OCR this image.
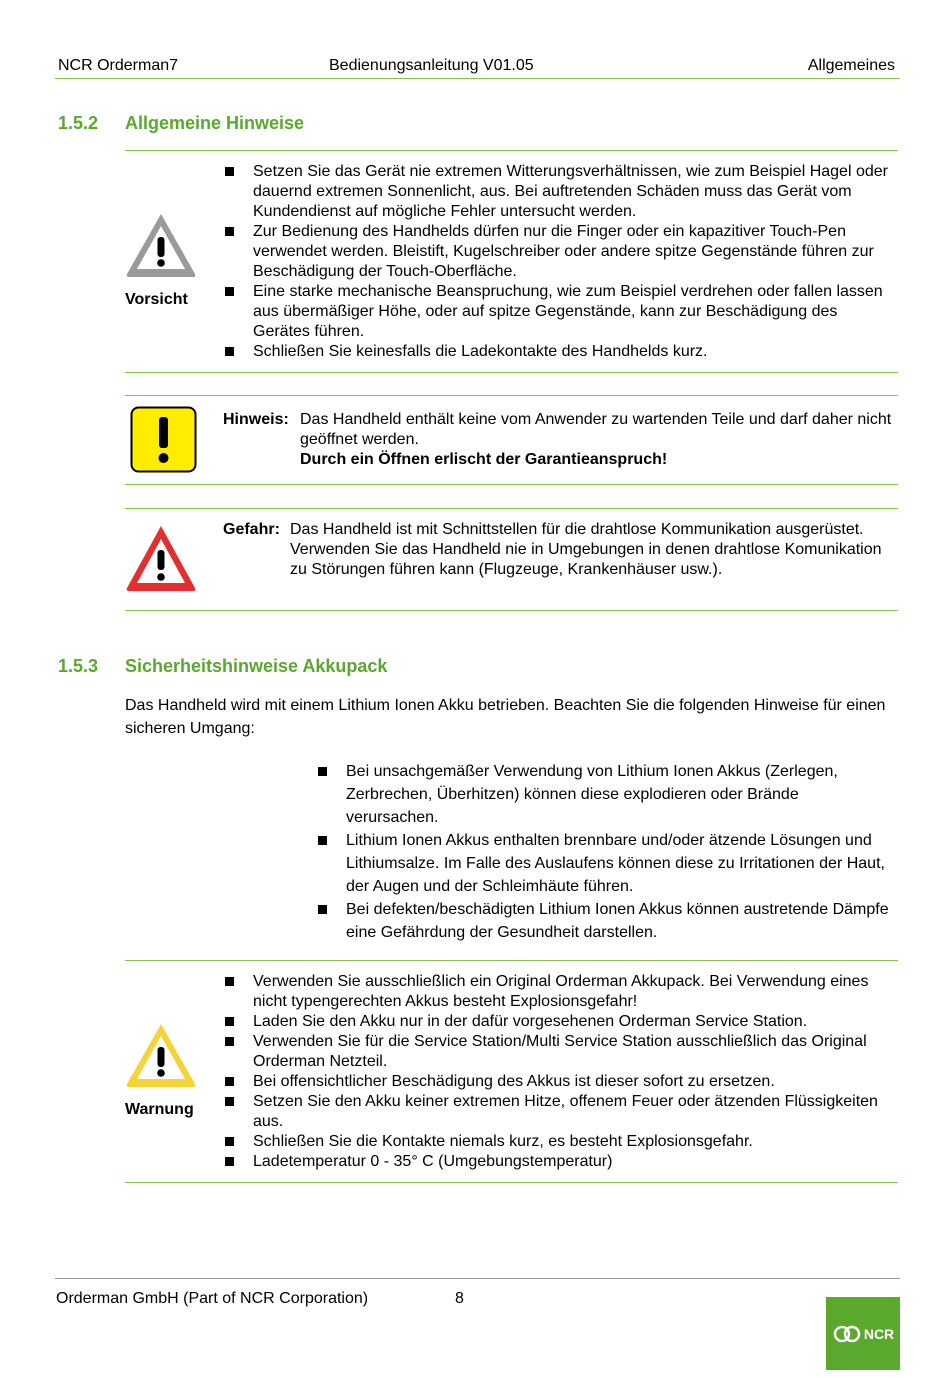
NCR Orderman7	Bedienungsanleitung V01.05	Allgemeines
1.5.2 Allgemeine Hinweise
Vorsicht
Setzen Sie das Gerät nie extremen Witterungsverhältnissen, wie zum Beispiel Hagel oder dauernd extremen Sonnenlicht, aus. Bei auftretenden Schäden muss das Gerät vom Kundendienst auf mögliche Fehler untersucht werden.
Zur Bedienung des Handhelds dürfen nur die Finger oder ein kapazitiver Touch-Pen verwendet werden. Bleistift, Kugelschreiber oder andere spitze Gegenstände führen zur Beschädigung der Touch-Oberfläche.
Eine starke mechanische Beanspruchung, wie zum Beispiel verdrehen oder fallen lassen aus übermäßiger Höhe, oder auf spitze Gegenstände, kann zur Beschädigung des Gerätes führen.
Schließen Sie keinesfalls die Ladekontakte des Handhelds kurz.
Hinweis: Das Handheld enthält keine vom Anwender zu wartenden Teile und darf daher nicht geöffnet werden.
Durch ein Öffnen erlischt der Garantieanspruch!
Gefahr: Das Handheld ist mit Schnittstellen für die drahtlose Kommunikation ausgerüstet. Verwenden Sie das Handheld nie in Umgebungen in denen drahtlose Komunikation zu Störungen führen kann (Flugzeuge, Krankenhäuser usw.).
1.5.3 Sicherheitshinweise Akkupack
Das Handheld wird mit einem Lithium Ionen Akku betrieben. Beachten Sie die folgenden Hinweise für einen sicheren Umgang:
Bei unsachgemäßer Verwendung von Lithium Ionen Akkus (Zerlegen, Zerbrechen, Überhitzen) können diese explodieren oder Brände verursachen.
Lithium Ionen Akkus enthalten brennbare und/oder ätzende Lösungen und Lithiumsalze. Im Falle des Auslaufens können diese zu Irritationen der Haut, der Augen und der Schleimhäute führen.
Bei defekten/beschädigten Lithium Ionen Akkus können austretende Dämpfe eine Gefährdung der Gesundheit darstellen.
Warnung
Verwenden Sie ausschließlich ein Original Orderman Akkupack. Bei Verwendung eines nicht typengerechten Akkus besteht Explosionsgefahr!
Laden Sie den Akku nur in der dafür vorgesehenen Orderman Service Station.
Verwenden Sie für die Service Station/Multi Service Station ausschließlich das Original Orderman Netzteil.
Bei offensichtlicher Beschädigung des Akkus ist dieser sofort zu ersetzen.
Setzen Sie den Akku keiner extremen Hitze, offenem Feuer oder ätzenden Flüssigkeiten aus.
Schließen Sie die Kontakte niemals kurz, es besteht Explosionsgefahr.
Ladetemperatur 0 - 35° C (Umgebungstemperatur)
Orderman GmbH (Part of NCR Corporation)	8
NCR
